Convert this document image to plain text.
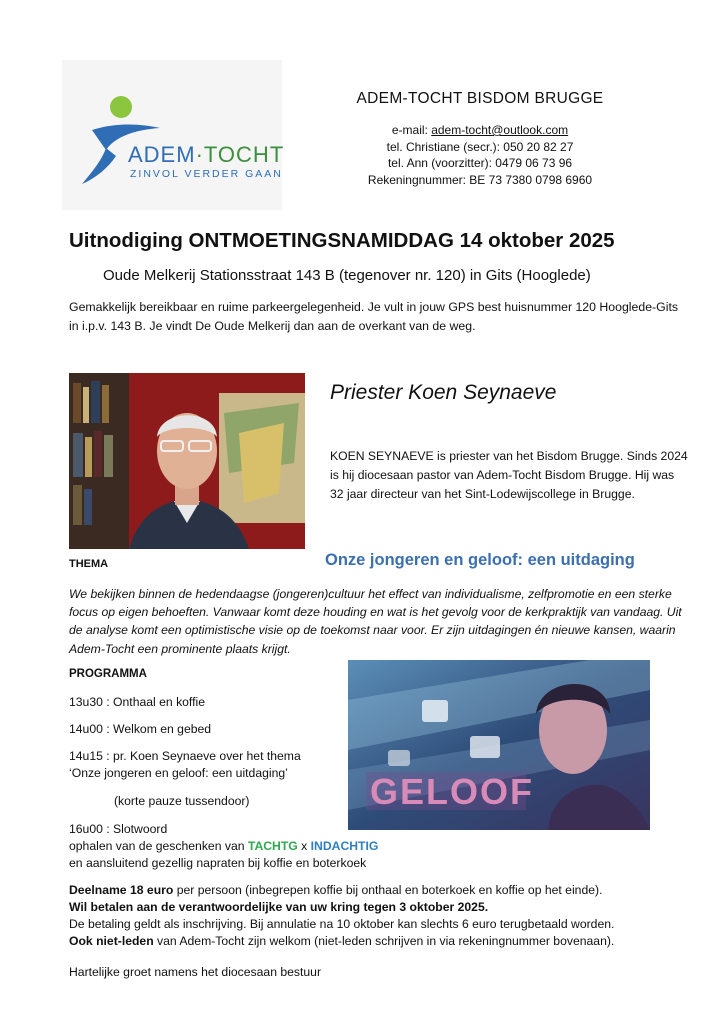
ADEM·TOCHT
ZINVOL VERDER GAAN
ADEM-TOCHT BISDOM BRUGGE
e-mail: adem-tocht@outlook.com
tel. Christiane (secr.): 050 20 82 27
tel. Ann (voorzitter): 0479 06 73 96
Rekeningnummer: BE 73 7380 0798 6960
Uitnodiging ONTMOETINGSNAMIDDAG 14 oktober 2025
Oude Melkerij Stationsstraat 143 B (tegenover nr. 120) in Gits (Hooglede)
Gemakkelijk bereikbaar en ruime parkeergelegenheid. Je vult in jouw GPS best huisnummer 120 Hooglede-Gits in i.p.v. 143 B. Je vindt De Oude Melkerij dan aan de overkant van de weg.
Priester Koen Seynaeve
KOEN SEYNAEVE is priester van het Bisdom Brugge. Sinds 2024 is hij diocesaan pastor van Adem-Tocht Bisdom Brugge. Hij was 32 jaar directeur van het Sint-Lodewijscollege in Brugge.
THEMA	Onze jongeren en geloof: een uitdaging
We bekijken binnen de hedendaagse (jongeren)cultuur het effect van individualisme, zelfpromotie en een sterke focus op eigen behoeften. Vanwaar komt deze houding en wat is het gevolg voor de kerkpraktijk van vandaag. Uit de analyse komt een optimistische visie op de toekomst naar voor. Er zijn uitdagingen én nieuwe kansen, waarin Adem-Tocht een prominente plaats krijgt.
PROGRAMMA
13u30 : Onthaal en koffie
14u00 : Welkom en gebed
14u15 : pr. Koen Seynaeve over het thema
‘Onze jongeren en geloof: een uitdaging’
(korte pauze tussendoor)
16u00 : Slotwoord
ophalen van de geschenken van TACHTG x INDACHTIG
en aansluitend gezellig napraten bij koffie en boterkoek
GELOOF
Deelname 18 euro per persoon (inbegrepen koffie bij onthaal en boterkoek en koffie op het einde).
Wil betalen aan de verantwoordelijke van uw kring tegen 3 oktober 2025.
De betaling geldt als inschrijving. Bij annulatie na 10 oktober kan slechts 6 euro terugbetaald worden.
Ook niet-leden van Adem-Tocht zijn welkom (niet-leden schrijven in via rekeningnummer bovenaan).
Hartelijke groet namens het diocesaan bestuur
